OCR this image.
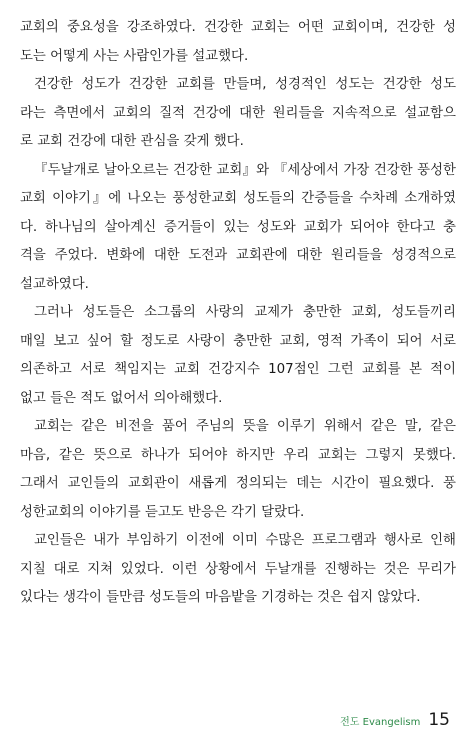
교회의 중요성을 강조하였다. 건강한 교회는 어떤 교회이며, 건강한 성
도는 어떻게 사는 사람인가를 설교했다.
건강한 성도가 건강한 교회를 만들며, 성경적인 성도는 건강한 성도
라는 측면에서 교회의 질적 건강에 대한 원리들을 지속적으로 설교함으
로 교회 건강에 대한 관심을 갖게 했다.
『두날개로 날아오르는 건강한 교회』와 『세상에서 가장 건강한 풍성한
교회 이야기』에 나오는 풍성한교회 성도들의 간증들을 수차례 소개하였
다. 하나님의 살아계신 증거들이 있는 성도와 교회가 되어야 한다고 충
격을 주었다. 변화에 대한 도전과 교회관에 대한 원리들을 성경적으로
설교하였다.
그러나 성도들은 소그룹의 사랑의 교제가 충만한 교회, 성도들끼리
매일 보고 싶어 할 정도로 사랑이 충만한 교회, 영적 가족이 되어 서로
의존하고 서로 책임지는 교회 건강지수 107점인 그런 교회를 본 적이
없고 들은 적도 없어서 의아해했다.
교회는 같은 비전을 품어 주님의 뜻을 이루기 위해서 같은 말, 같은
마음, 같은 뜻으로 하나가 되어야 하지만 우리 교회는 그렇지 못했다.
그래서 교인들의 교회관이 새롭게 정의되는 데는 시간이 필요했다. 풍
성한교회의 이야기를 듣고도 반응은 각기 달랐다.
교인들은 내가 부임하기 이전에 이미 수많은 프로그램과 행사로 인해
지칠 대로 지쳐 있었다. 이런 상황에서 두날개를 진행하는 것은 무리가
있다는 생각이 들만큼 성도들의 마음밭을 기경하는 것은 쉽지 않았다.
전도 Evangelism 15
